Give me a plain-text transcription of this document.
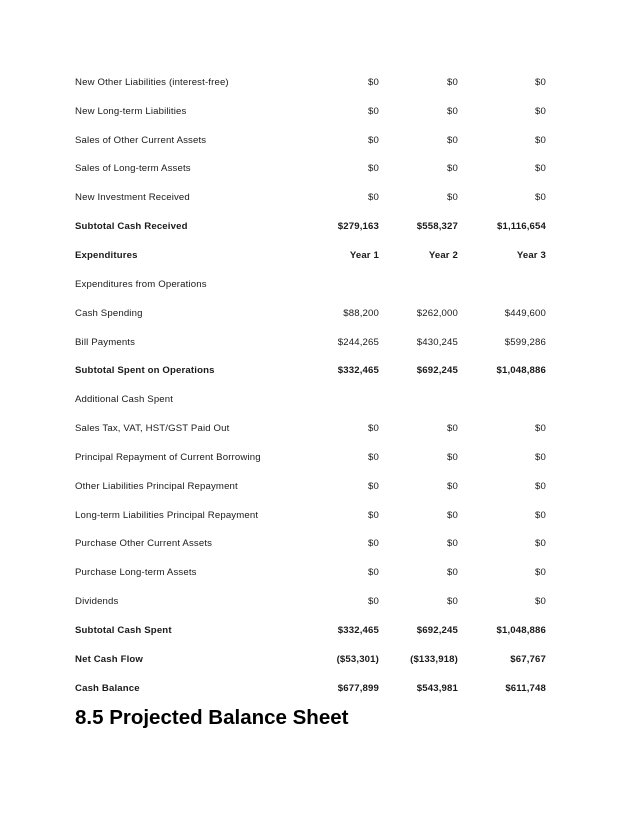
New Other Liabilities (interest-free)	$0	$0	$0
New Long-term Liabilities	$0	$0	$0
Sales of Other Current Assets	$0	$0	$0
Sales of Long-term Assets	$0	$0	$0
New Investment Received	$0	$0	$0
Subtotal Cash Received	$279,163	$558,327	$1,116,654
Expenditures	Year 1	Year 2	Year 3
Expenditures from Operations
Cash Spending	$88,200	$262,000	$449,600
Bill Payments	$244,265	$430,245	$599,286
Subtotal Spent on Operations	$332,465	$692,245	$1,048,886
Additional Cash Spent
Sales Tax, VAT, HST/GST Paid Out	$0	$0	$0
Principal Repayment of Current Borrowing	$0	$0	$0
Other Liabilities Principal Repayment	$0	$0	$0
Long-term Liabilities Principal Repayment	$0	$0	$0
Purchase Other Current Assets	$0	$0	$0
Purchase Long-term Assets	$0	$0	$0
Dividends	$0	$0	$0
Subtotal Cash Spent	$332,465	$692,245	$1,048,886
Net Cash Flow	($53,301)	($133,918)	$67,767
Cash Balance	$677,899	$543,981	$611,748
8.5 Projected Balance Sheet
